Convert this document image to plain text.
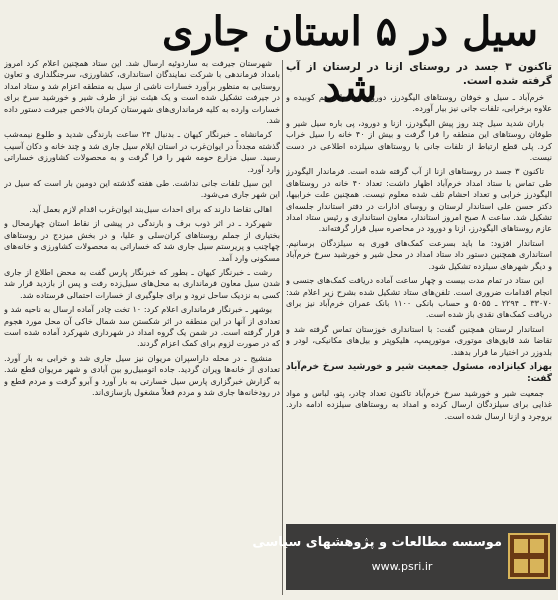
سیل در ۵ استان جاری شد

تاکنون ۳ جسد در روستای ازنا در لرستان از آب گرفته شده است.

خرم‌آباد ـ سیل و خوفان روستاهای الیگودرز، دورود، ازنا را درهم کوبیده و علاوه برخرابی، تلفات جانی نیز بیار آورده.

باران شدید سیل چند روز پیش الیگودرز، ازنا و دورود، پی باره سیل شیر و طوفان روستاهای این منطقه را فرا گرفت و بیش از ۴۰ خانه را سیل خراب کرد. پلی قطع ارتباط از تلفات جانی با روستاهای سیلزده اطلاعی در دست نیست.

تاکنون ۳ جسد در روستاهای ازنا از آب گرفته شده است. فرماندار الیگودرز طی تماس با ستاد امداد خرم‌آباد اظهار داشت: تعداد ۴۰ خانه در روستاهای الیگودرز خرابی و تعداد احشام تلف شده معلوم نیست. همچنین علت خرابیها، دکتر حسن علی استاندار لرستان و روسای ادارات در دفتر استاندار جلسه‌ای تشکیل شد. ساعت ۸ صبح امروز استاندار، معاون استانداری و رئیس ستاد امداد عازم روستاهای الیگودرز، ازنا و دورود در محاصره سیل قرار گرفته‌اند.

استاندار افزود: ما باید بسرعت کمک‌های فوری به سیلزدگان برسانیم. استانداری همچنین دستور داد ستاد امداد در محل شیر و خورشید سرخ خرم‌آباد و دیگر شهرهای سیلزده تشکیل شود.

این ستاد در تمام مدت بیست و چهار ساعت آماده دریافت کمک‌های جنسی و انجام اقدامات ضروری است. تلفن‌های ستاد تشکیل شده بشرح زیر اعلام شد: ۳۳۰۷۰ ـ ۲۲۹۴ ـ ۵۰۵۵ و حساب بانکی ۱۱۰۰ بانک عمران خرم‌آباد نیز برای دریافت کمک‌های نقدی باز شده است.

استاندار لرستان همچنین گفت: با استانداری خوزستان تماس گرفته شد و تقاضا شد قایق‌های موتوری، موتورپمپ، هلیکوپتر و بیل‌های مکانیکی، لودر و بلدوزر در اختیار ما قرار بدهند.

بهزاد کیانزاده، مسئول جمعیت شیر و خورشید سرخ خرم‌آباد گفت:

جمعیت شیر و خورشید سرخ خرم‌آباد تاکنون تعداد چادر، پتو، لباس و مواد غذایی برای سیلزدگان ارسال کرده و امداد به روستاهای سیلزده ادامه دارد. بروجرد و ازنا ارسال شده است.

شهرستان جیرفت به ساردوئیه ارسال شد. این ستاد همچنین اعلام کرد امروز بامداد فرماندهی با شرکت نمایندگان استانداری، کشاورزی، سرجنگلداری و تعاون روستایی به منظور برآورد خسارات ناشی از سیل به منطقه اعزام شد و ستاد امداد در جیرفت تشکیل شده است و یک هیئت نیز از طرف شیر و خورشید سرخ برای خسارات وارده به کلیه فرمانداری‌های شهرستان کرمان بالاخص جیرفت دستور داده شد.

کرمانشاه ـ خبرنگار کیهان ـ بدنبال ۲۴ ساعت بارندگی شدید و طلوع نیمه‌شب گذشته مجدداً در ایوان‌غرب در استان ایلام سیل جاری شد و چند خانه و دکان آسیب رسید. سیل مزارع حومه شهر را فرا گرفت و به محصولات کشاورزی خساراتی وارد آورد.

این سیل تلفات جانی نداشت. طی هفته گذشته این دومین بار است که سیل در این شهر جاری می‌شود.

اهالی تقاضا دارند که برای احداث سیل‌بند ایوان‌غرب اقدام لازم بعمل آید.

شهرکرد ـ در اثر ذوب برف و بارندگی در پیشی از نقاط استان چهارمحال و بختیاری از جملم روستاهای کران‌سلی و علیا، و در بخش میزدج در روستاهای چهاچنب و پریرستم سیل جاری شد که خساراتی به محصولات کشاورزی و خانه‌های مسکونی وارد آمد.

رشت ـ خبرنگار کیهان ـ بطور که خبرنگار پارس گفت به محض اطلاع از جاری شدن سیل معاون فرمانداری به محل‌های سیل‌زده رفت و پس از بازدید قرار شد کسی به نزدیک ساحل نرود و برای جلوگیری از خسارات احتمالی فرستاده شد.

بوشهر ـ خبرنگار فرمانداری اعلام کرد: ۱۰ تخت چادر آماده ارسال به ناحیه شد و تعدادی از آنها در این منطقه در اثر شکستن سد شمال خاکی آن محل مورد هجوم قرار گرفته است. در شمن یک گروه امداد در شهرداری شهرکرد آماده شده است که در صورت لزوم برای کمک اعزام گردند.

منشیج ـ در محله داراسپران مریوان نیز سیل جاری شد و خرابی به بار آورد. تعدادی از خانه‌ها ویران گردید. جاده اتومبیل‌رو بین آبادی و شهر مریوان قطع شد. به گزارش خبرگزاری پارس سیل خسارتی به بار آورد و آبرو گرفت و مردم قطع و در رودخانه‌ها جاری شد و مردم فعلاً مشغول بازسازی‌اند.

موسسه مطالعات و پژوهشهای سیاسی
www.psri.ir
